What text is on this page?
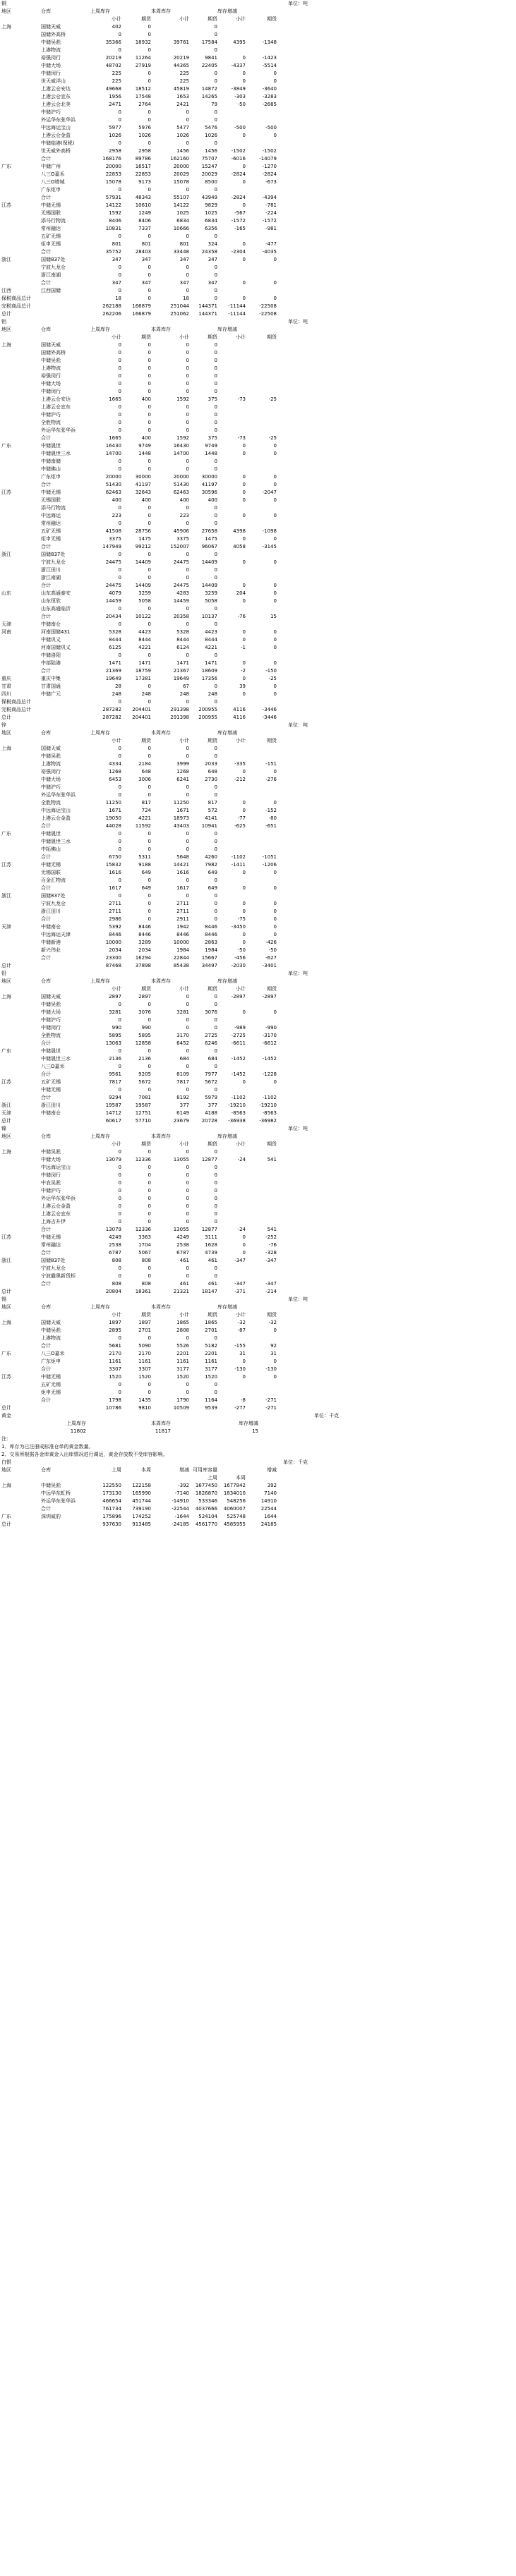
铜	单位：吨
地区	仓库	上周库存	本周库存	库存增减
小计	期货	小计	期货	小计	期货
上海	国储天威	402	0	0
国储外高桥	0	0	0
中储吴淞	35366	18932	39761	17584	4395	-1348
上港物流	0	0	0
裕强闵行	20219	11264	20219	9841	0	-1423
中储大场	48702	27919	44365	22405	-4337	-5514
中储闵行	225	0	225	0	0	0
世天威洋山	225	0	225	0	0	0
上港云仓安达	49668	18512	45819	14872	-3849	-3640
上港云仓宜东	1956	17548	1653	14265	-303	-3283
上港云仓北美	2471	2764	2421	79	-50	-2685
中储沪巧	0	0	0	0
外运华东张华浜	0	0	0	0
中远海运宝山	5977	5976	5477	5476	-500	-500
上港云仓金盈	1026	1026	1026	1026	0	0
中储临港(保税)	0	0	0	0
世天威外高桥	2958	2958	1456	1456	-1502	-1502
合计	168176	89786	162160	75707	-6016	-14079
广东	中储广州	20000	16517	20000	15247	0	-1270
八三O嘉禾	22853	22853	20029	20029	-2824	-2824
八三O增城	15078	9173	15078	8500	0	-673
广东炬申	0	0	0	0
合计	57931	48343	55107	43949	-2824	-4394
江苏	中储无锡	14122	10610	14122	9829	0	-781
无锡国联	1592	1249	1025	1025	-567	-224
添马行物流	8406	8406	6834	6834	-1572	-1572
常州融达	10831	7337	10666	6356	-165	-981
五矿无锡	0	0	0	0
炬申无锡	801	801	801	324	0	-477
合计	35752	28403	33448	24358	-2304	-4035
浙江	国储837处	347	347	347	347	0	0
宁波九龙仓	0	0	0	0
浙江南湖	0	0	0	0
合计	347	347	347	347	0	0
江西	江西国储	0	0	0	0
保税商品总计	18	0	18	0	0	0
完税商品总计	262188	166879	251044	144371	-11144	-22508
总计	262206	166879	251062	144371	-11144	-22508
铝	单位：吨
地区	仓库	上周库存	本周库存	库存增减
小计	期货	小计	期货	小计	期货
上海	国储天威	0	0	0	0
国储外高桥	0	0	0	0
中储吴淞	0	0	0	0
上港物流	0	0	0	0
裕强闵行	0	0	0	0
中储大场	0	0	0	0
中储闵行	0	0	0	0
上港云仓安达	1665	400	1592	375	-73	-25
上港云仓宜东	0	0	0	0
中储沪巧	0	0	0	0
全胜物流	0	0	0	0
外运华东张华浜	0	0	0	0
合计	1665	400	1592	375	-73	-25
广东	中储晟世	16430	9749	16430	9749	0	0
中储晟世三水	14700	1448	14700	1448	0	0
中储南储	0	0	0	0
中储佛山	0	0	0	0
广东炬申	20000	30000	20000	30000	0	0
合计	51430	41197	51430	41197	0	0
江苏	中储无锡	62463	32643	62463	30596	0	-2047
无锡国联	400	400	400	400	0	0
添马行物流	0	0	0	0
中远海运	223	0	223	0	0	0
常州融达	0	0	0	0
五矿无锡	41508	28756	45906	27658	4398	-1098
炬申无锡	3375	1475	3375	1475	0	0
合计	147949	99212	152007	96067	4058	-3145
浙江	国储837处	0	0	0	0
宁波九龙仓	24475	14409	24475	14409	0	0
浙江田川	0	0	0	0
浙江南湖	0	0	0	0
合计	24475	14409	24475	14409	0	0
山东	山东高通泰安	4079	3259	4283	3259	204	0
山东恒欣	14459	5058	14459	5058	0	0
山东高通临沂	0	0	0	0
合计	20434	10122	20358	10137	-76	15
天津	中储南仓	0	0	0	0
河南	河南国储431	5328	4423	5328	4423	0	0
中储巩义	8444	8444	8444	8444	0	0
河南国储巩义	6125	4221	6124	4221	-1	0
中储洛阳	0	0	0	0
中部陆港	1471	1471	1471	1471	0	0
合计	21369	18759	21367	18609	-2	-150
重庆	重庆中集	19649	17381	19649	17356	0	-25
甘肃	甘肃国通	28	0	67	0	39	0
四川	中储广元	248	248	248	248	0	0
保税商品总计	0	0	0	0
完税商品总计	287282	204401	291398	200955	4116	-3446
总计	287282	204401	291398	200955	4116	-3446
锌	单位：吨
地区	仓库	上周库存	本周库存	库存增减
小计	期货	小计	期货	小计	期货
上海	国储天威	0	0	0	0
中储吴淞	0	0	0	0
上港物流	4334	2184	3999	2033	-335	-151
裕强闵行	1268	648	1268	648	0	0
中储大场	6453	3006	6241	2730	-212	-276
中储沪巧	0	0	0	0
外运华东张华浜	0	0	0	0
全胜物流	11250	817	11250	817	0	0
中远海运宝山	1671	724	1671	572	0	-152
上港云仓金盈	19050	4221	18973	4141	-77	-80
合计	44028	11592	43403	10941	-625	-651
广东	中储晟世	0	0	0	0
中储晟世三水	0	0	0	0
中拓佛山	0	0	0	0
合计	6750	5311	5648	4260	-1102	-1051
江苏	中储无锡	15832	9188	14421	7982	-1411	-1206
无锡国联	1616	649	1616	649	0	0
百金汇物流	0	0	0	0
合计	1617	649	1617	649	0	0
浙江	国储837处	0	0	0	0
宁波九龙仓	2711	0	2711	0	0	0
浙江田川	2711	0	2711	0	0	0
合计	2986	0	2911	0	-75	0
天津	中储南仓	5392	8446	1942	8446	-3450	0
中远海运天津	8446	8446	8446	8446	0	0
中储新港	10000	3289	10000	2863	0	-426
新兴伟业	2034	2034	1984	1984	-50	-50
合计	23300	16294	22844	15667	-456	-627
总计	87468	37898	85438	34497	-2030	-3401
铅	单位：吨
地区	仓库	上周库存	本周库存	库存增减
小计	期货	小计	期货	小计	期货
上海	国储天威	2897	2897	0	0	-2897	-2897
中储吴淞	0	0	0	0
中储大场	3281	3076	3281	3076	0	0
中储沪巧	0	0	0	0
中储闵行	990	990	0	0	-989	-990
全胜物流	5895	5895	3170	2725	-2725	-3170
合计	13063	12858	6452	6246	-6611	-6612
广东	中储晟世	0	0	0	0
中储晟世三水	2136	2136	684	684	-1452	-1452
八三O嘉禾	0	0	0	0
合计	9561	9205	8109	7977	-1452	-1228
江苏	五矿无锡	7817	5672	7817	5672	0	0
中储无锡	0	0	0	0
合计	9294	7081	8192	5979	-1102	-1102
浙江	浙江田川	19587	19587	377	377	-19210	-19210
天津	中储南仓	14712	12751	6149	4188	-8563	-8563
总计	60617	57710	23679	20728	-36938	-36982
镍	单位：吨
地区	仓库	上周库存	本周库存	库存增减
小计	期货	小计	期货	小计	期货
上海	中储吴淞	0	0	0	0
中储大场	13079	12336	13055	12877	-24	541
中远海运宝山	0	0	0	0
中储闵行	0	0	0	0
中农吴淞	0	0	0	0
中储沪巧	0	0	0	0
外运华东张华浜	0	0	0	0
上港云仓金盈	0	0	0	0
上港云仓宜东	0	0	0	0
上海吉升伊	0	0	0	0
合计	13079	12336	13055	12877	-24	541
江苏	中储无锡	4249	3363	4249	3111	0	-252
常州融达	2538	1704	2538	1628	0	-76
合计	6787	5067	6787	4739	0	-328
浙江	国储837处	808	808	461	461	-347	-347
宁波九龙仓	0	0	0	0
宁波霸奥新货柜	0	0	0	0
合计	808	808	461	461	-347	-347
总计	20804	18361	21321	18147	-371	-214
锡	单位：吨
地区	仓库	上周库存	本周库存	库存增减
小计	期货	小计	期货	小计	期货
上海	国储天威	1897	1897	1865	1865	-32	-32
中储吴淞	2895	2701	2808	2701	-87	0
上港物流	0	0	0	0
合计	5681	5090	5526	5182	-155	92
广东	八三O嘉禾	2170	2170	2201	2201	31	31
广东炬申	1161	1161	1161	1161	0	0
合计	3307	3307	3177	3177	-130	-130
江苏	中储无锡	1520	1520	1520	1520	0	0
五矿无锡	0	0	0	0
炬申无锡	0	0	0	0
合计	1798	1435	1790	1164	-8	-271
总计	10786	9810	10509	9539	-277	-271
黄金	单位：千克
上周库存	本周库存	库存增减
11802	11817	15
注：
1、库存为已注册成标准仓单的黄金数量。
2、交易所根据各金库黄金入出库情况进行调运，黄金存放数不受库容影响。
白银	单位：千克
地区	仓库	上周	本周	增减 可用库容量	增减
上周	本周
上海	中储吴淞	122550	122158	-392	1677450	1677842	392
中远华东虹桥	173130	165990	-7140	1826870	1834010	7140
外运华东张华浜	466654	451744	-14910	533346	548256	14910
合计	761734	739190	-22544	4037666	4060007	22544
广东	深圳威豹	175896	174252	-1644	524104	525748	1644
总计	937630	913485	-24185	4561770	4585955	24185
